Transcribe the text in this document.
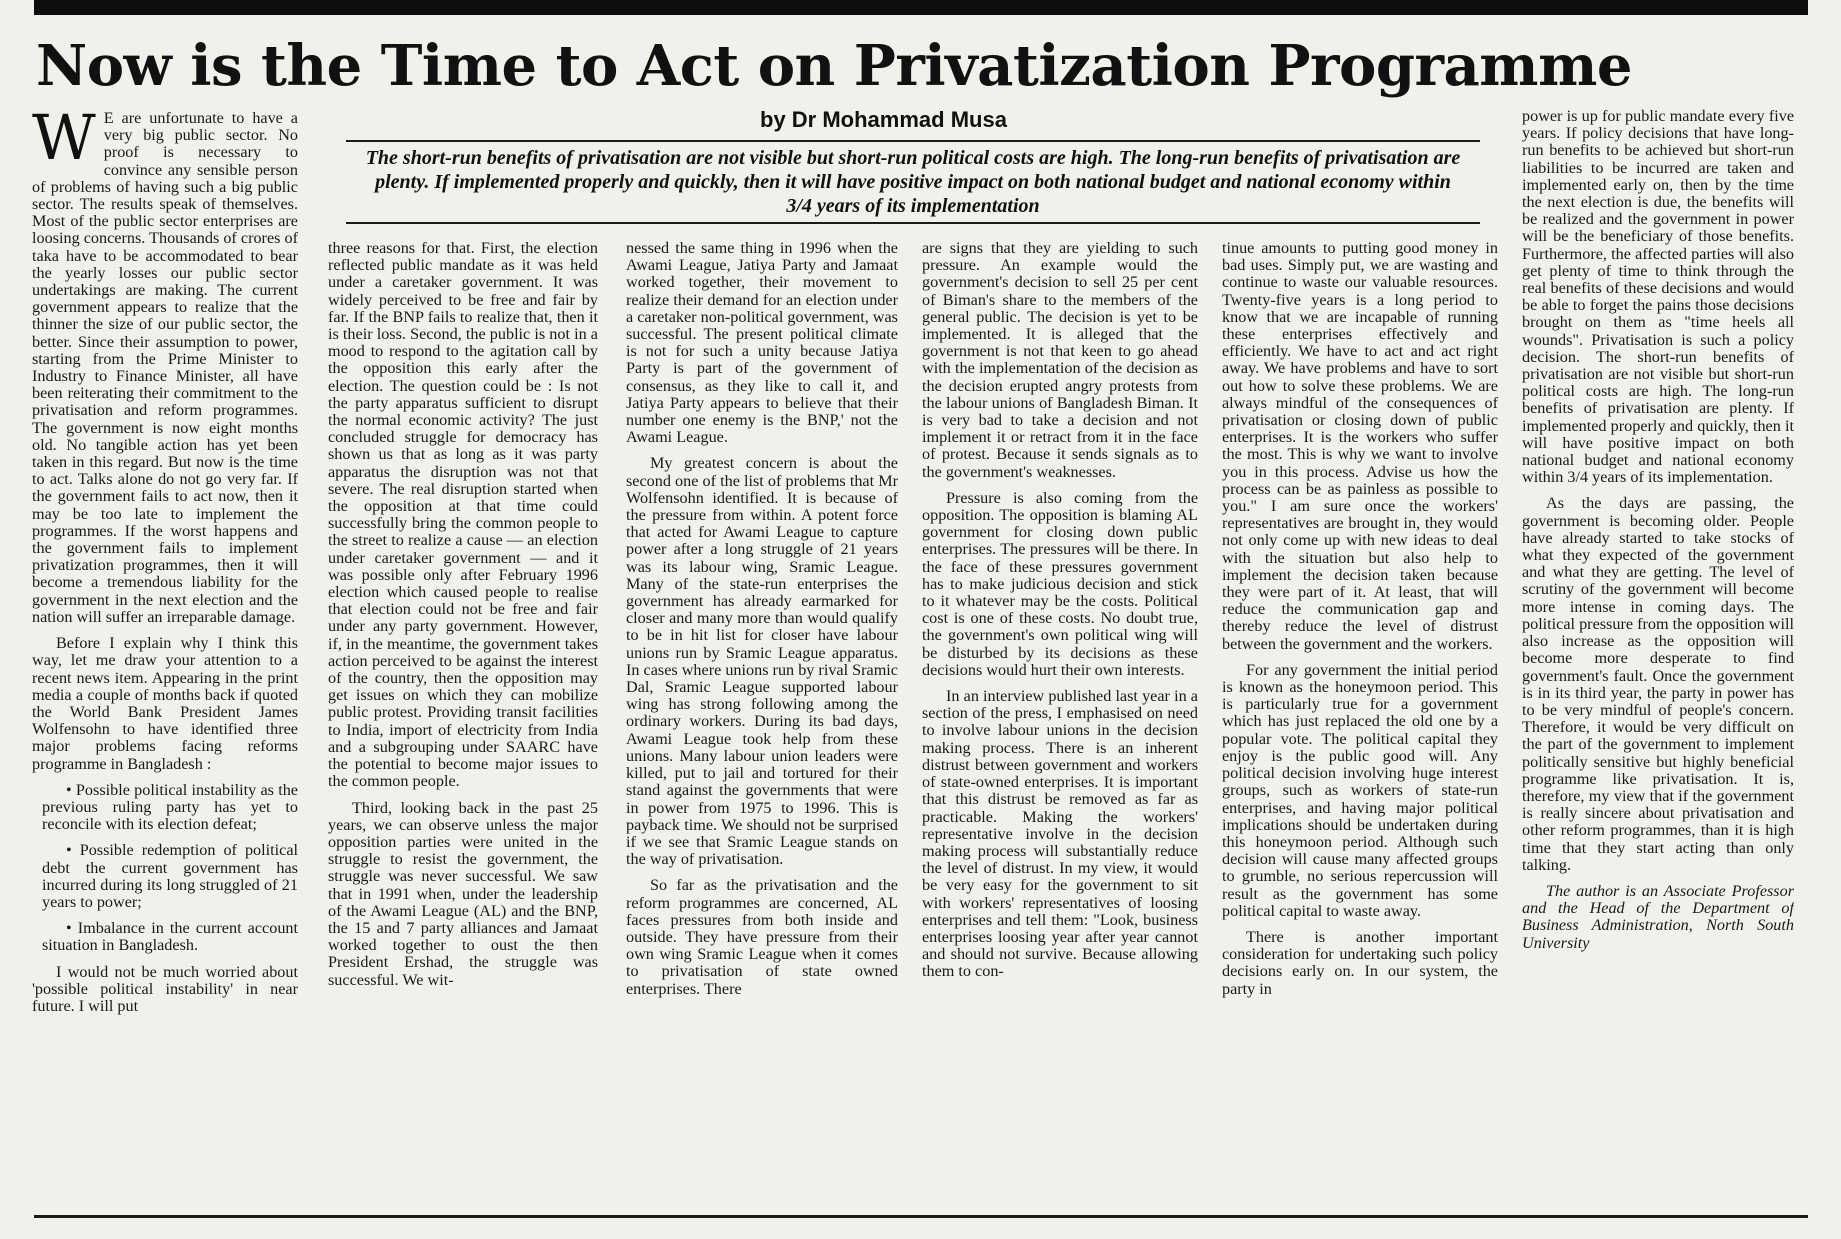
Now is the Time to Act on Privatization Programme
by Dr Mohammad Musa

The short-run benefits of privatisation are not visible but short-run political costs are high. The long-run benefits of privatisation are plenty. If implemented properly and quickly, then it will have positive impact on both national budget and national economy within 3/4 years of its implementation

W E are unfortunate to have a very big public sector. No proof is necessary to convince any sensible person of problems of having such a big public sector. The results speak of themselves. Most of the public sector enterprises are loosing concerns. Thousands of crores of taka have to be accommodated to bear the yearly losses our public sector undertakings are making. The current government appears to realize that the thinner the size of our public sector, the better. Since their assumption to power, starting from the Prime Minister to Industry to Finance Minister, all have been reiterating their commitment to the privatisation and reform programmes. The government is now eight months old. No tangible action has yet been taken in this regard. But now is the time to act. Talks alone do not go very far. If the government fails to act now, then it may be too late to implement the programmes. If the worst happens and the government fails to implement privatization programmes, then it will become a tremendous liability for the government in the next election and the nation will suffer an irreparable damage.

Before I explain why I think this way, let me draw your attention to a recent news item. Appearing in the print media a couple of months back if quoted the World Bank President James Wolfensohn to have identified three major problems facing reforms programme in Bangladesh :

• Possible political instability as the previous ruling party has yet to reconcile with its election defeat;

• Possible redemption of political debt the current government has incurred during its long struggled of 21 years to power;

• Imbalance in the current account situation in Bangladesh.

I would not be much worried about 'possible political instability' in near future. I will put

three reasons for that. First, the election reflected public mandate as it was held under a caretaker government. It was widely perceived to be free and fair by far. If the BNP fails to realize that, then it is their loss. Second, the public is not in a mood to respond to the agitation call by the opposition this early after the election. The question could be : Is not the party apparatus sufficient to disrupt the normal economic activity? The just concluded struggle for democracy has shown us that as long as it was party apparatus the disruption was not that severe. The real disruption started when the opposition at that time could successfully bring the common people to the street to realize a cause — an election under caretaker government — and it was possible only after February 1996 election which caused people to realise that election could not be free and fair under any party government. However, if, in the meantime, the government takes action perceived to be against the interest of the country, then the opposition may get issues on which they can mobilize public protest. Providing transit facilities to India, import of electricity from India and a subgrouping under SAARC have the potential to become major issues to the common people.

Third, looking back in the past 25 years, we can observe unless the major opposition parties were united in the struggle to resist the government, the struggle was never successful. We saw that in 1991 when, under the leadership of the Awami League (AL) and the BNP, the 15 and 7 party alliances and Jamaat worked together to oust the then President Ershad, the struggle was successful. We wit-

nessed the same thing in 1996 when the Awami League, Jatiya Party and Jamaat worked together, their movement to realize their demand for an election under a caretaker non-political government, was successful. The present political climate is not for such a unity because Jatiya Party is part of the government of consensus, as they like to call it, and Jatiya Party appears to believe that their number one enemy is the BNP,' not the Awami League.

My greatest concern is about the second one of the list of problems that Mr Wolfensohn identified. It is because of the pressure from within. A potent force that acted for Awami League to capture power after a long struggle of 21 years was its labour wing, Sramic League. Many of the state-run enterprises the government has already earmarked for closer and many more than would qualify to be in hit list for closer have labour unions run by Sramic League apparatus. In cases where unions run by rival Sramic Dal, Sramic League supported labour wing has strong following among the ordinary workers. During its bad days, Awami League took help from these unions. Many labour union leaders were killed, put to jail and tortured for their stand against the governments that were in power from 1975 to 1996. This is payback time. We should not be surprised if we see that Sramic League stands on the way of privatisation.

So far as the privatisation and the reform programmes are concerned, AL faces pressures from both inside and outside. They have pressure from their own wing Sramic League when it comes to privatisation of state owned enterprises. There

are signs that they are yielding to such pressure. An example would the government's decision to sell 25 per cent of Biman's share to the members of the general public. The decision is yet to be implemented. It is alleged that the government is not that keen to go ahead with the implementation of the decision as the decision erupted angry protests from the labour unions of Bangladesh Biman. It is very bad to take a decision and not implement it or retract from it in the face of protest. Because it sends signals as to the government's weaknesses.

Pressure is also coming from the opposition. The opposition is blaming AL government for closing down public enterprises. The pressures will be there. In the face of these pressures government has to make judicious decision and stick to it whatever may be the costs. Political cost is one of these costs. No doubt true, the government's own political wing will be disturbed by its decisions as these decisions would hurt their own interests.

In an interview published last year in a section of the press, I emphasised on need to involve labour unions in the decision making process. There is an inherent distrust between government and workers of state-owned enterprises. It is important that this distrust be removed as far as practicable. Making the workers' representative involve in the decision making process will substantially reduce the level of distrust. In my view, it would be very easy for the government to sit with workers' representatives of loosing enterprises and tell them: "Look, business enterprises loosing year after year cannot and should not survive. Because allowing them to con-

tinue amounts to putting good money in bad uses. Simply put, we are wasting and continue to waste our valuable resources. Twenty-five years is a long period to know that we are incapable of running these enterprises effectively and efficiently. We have to act and act right away. We have problems and have to sort out how to solve these problems. We are always mindful of the consequences of privatisation or closing down of public enterprises. It is the workers who suffer the most. This is why we want to involve you in this process. Advise us how the process can be as painless as possible to you." I am sure once the workers' representatives are brought in, they would not only come up with new ideas to deal with the situation but also help to implement the decision taken because they were part of it. At least, that will reduce the communication gap and thereby reduce the level of distrust between the government and the workers.

For any government the initial period is known as the honeymoon period. This is particularly true for a government which has just replaced the old one by a popular vote. The political capital they enjoy is the public good will. Any political decision involving huge interest groups, such as workers of state-run enterprises, and having major political implications should be undertaken during this honeymoon period. Although such decision will cause many affected groups to grumble, no serious repercussion will result as the government has some political capital to waste away.

There is another important consideration for undertaking such policy decisions early on. In our system, the party in

power is up for public mandate every five years. If policy decisions that have long-run benefits to be achieved but short-run liabilities to be incurred are taken and implemented early on, then by the time the next election is due, the benefits will be realized and the government in power will be the beneficiary of those benefits. Furthermore, the affected parties will also get plenty of time to think through the real benefits of these decisions and would be able to forget the pains those decisions brought on them as "time heels all wounds". Privatisation is such a policy decision. The short-run benefits of privatisation are not visible but short-run political costs are high. The long-run benefits of privatisation are plenty. If implemented properly and quickly, then it will have positive impact on both national budget and national economy within 3/4 years of its implementation.

As the days are passing, the government is becoming older. People have already started to take stocks of what they expected of the government and what they are getting. The level of scrutiny of the government will become more intense in coming days. The political pressure from the opposition will also increase as the opposition will become more desperate to find government's fault. Once the government is in its third year, the party in power has to be very mindful of people's concern. Therefore, it would be very difficult on the part of the government to implement politically sensitive but highly beneficial programme like privatisation. It is, therefore, my view that if the government is really sincere about privatisation and other reform programmes, than it is high time that they start acting than only talking.

The author is an Associate Professor and the Head of the Department of Business Administration, North South University
